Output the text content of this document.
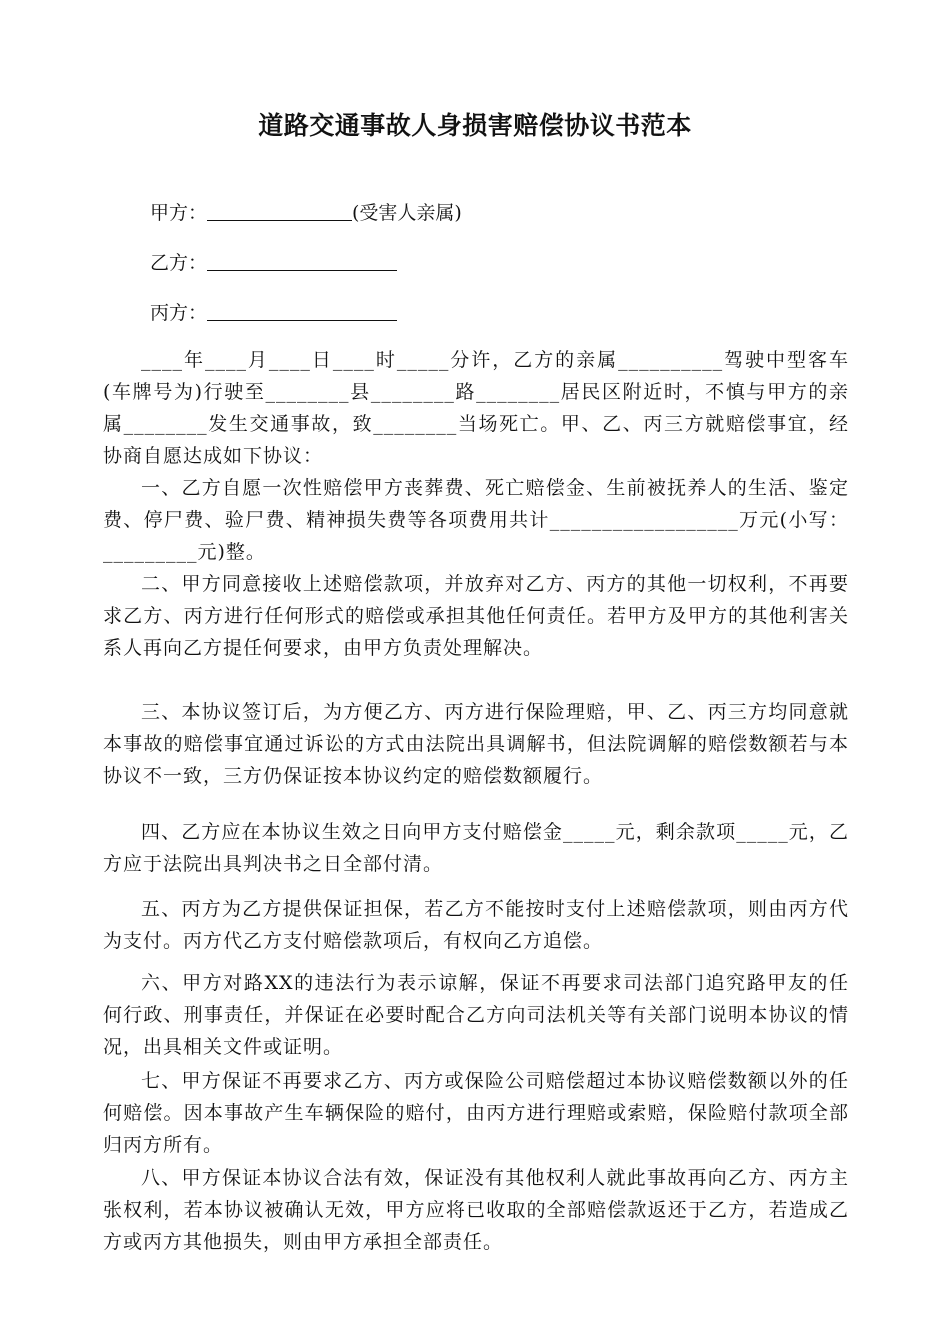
道路交通事故人身损害赔偿协议书范本
甲方：	(受害人亲属)
乙方：
丙方：

____年____月____日____时_____分许，乙方的亲属__________驾驶中型客车(车牌号为)行驶至________县________路________居民区附近时，不慎与甲方的亲属________发生交通事故，致________当场死亡。甲、乙、丙三方就赔偿事宜，经协商自愿达成如下协议：

一、乙方自愿一次性赔偿甲方丧葬费、死亡赔偿金、生前被抚养人的生活、鉴定费、停尸费、验尸费、精神损失费等各项费用共计__________________万元(小写：_________元)整。

二、甲方同意接收上述赔偿款项，并放弃对乙方、丙方的其他一切权利，不再要求乙方、丙方进行任何形式的赔偿或承担其他任何责任。若甲方及甲方的其他利害关系人再向乙方提任何要求，由甲方负责处理解决。

三、本协议签订后，为方便乙方、丙方进行保险理赔，甲、乙、丙三方均同意就本事故的赔偿事宜通过诉讼的方式由法院出具调解书，但法院调解的赔偿数额若与本协议不一致，三方仍保证按本协议约定的赔偿数额履行。

四、乙方应在本协议生效之日向甲方支付赔偿金_____元，剩余款项_____元，乙方应于法院出具判决书之日全部付清。

五、丙方为乙方提供保证担保，若乙方不能按时支付上述赔偿款项，则由丙方代为支付。丙方代乙方支付赔偿款项后，有权向乙方追偿。

六、甲方对路XX的违法行为表示谅解，保证不再要求司法部门追究路甲友的任何行政、刑事责任，并保证在必要时配合乙方向司法机关等有关部门说明本协议的情况，出具相关文件或证明。

七、甲方保证不再要求乙方、丙方或保险公司赔偿超过本协议赔偿数额以外的任何赔偿。因本事故产生车辆保险的赔付，由丙方进行理赔或索赔，保险赔付款项全部归丙方所有。

八、甲方保证本协议合法有效，保证没有其他权利人就此事故再向乙方、丙方主张权利，若本协议被确认无效，甲方应将已收取的全部赔偿款返还于乙方，若造成乙方或丙方其他损失，则由甲方承担全部责任。
